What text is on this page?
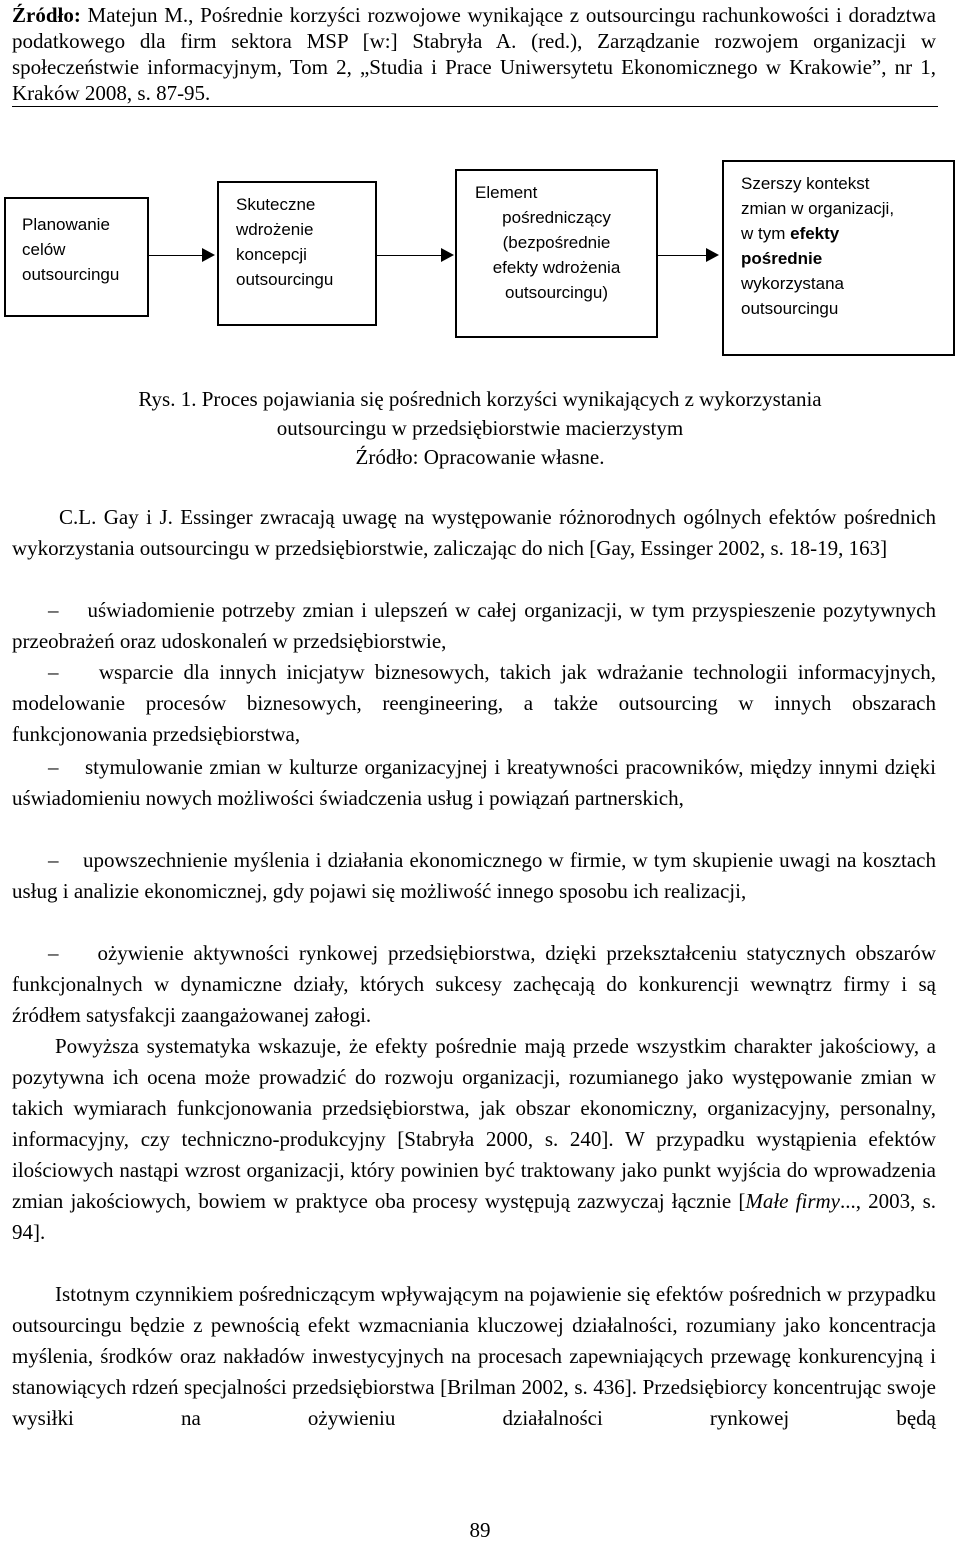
Źródło: Matejun M., Pośrednie korzyści rozwojowe wynikające z outsourcingu rachunkowości i doradztwa podatkowego dla firm sektora MSP [w:] Stabryła A. (red.), Zarządzanie rozwojem organizacji w społeczeństwie informacyjnym, Tom 2, „Studia i Prace Uniwersytetu Ekonomicznego w Krakowie”, nr 1, Kraków 2008, s. 87-95.
Planowanie
celów
outsourcingu
Skuteczne
wdrożenie
koncepcji
outsourcingu
Element
pośredniczący
(bezpośrednie
efekty wdrożenia
outsourcingu)
Szerszy kontekst
zmian w organizacji,
w tym efekty
pośrednie
wykorzystana
outsourcingu
Rys. 1. Proces pojawiania się pośrednich korzyści wynikających z wykorzystania
outsourcingu w przedsiębiorstwie macierzystym
Źródło: Opracowanie własne.

C.L. Gay i J. Essinger zwracają uwagę na występowanie różnorodnych ogólnych efektów pośrednich wykorzystania outsourcingu w przedsiębiorstwie, zaliczając do nich [Gay, Essinger 2002, s. 18-19, 163]

–    uświadomienie potrzeby zmian i ulepszeń w całej organizacji, w tym przyspieszenie pozytywnych przeobrażeń oraz udoskonaleń w przedsiębiorstwie,

–    wsparcie dla innych inicjatyw biznesowych, takich jak wdrażanie technologii informacyjnych, modelowanie procesów biznesowych, reengineering, a także outsourcing w innych obszarach funkcjonowania przedsiębiorstwa,

–    stymulowanie zmian w kulturze organizacyjnej i kreatywności pracowników, między innymi dzięki uświadomieniu nowych możliwości świadczenia usług i powiązań partnerskich,

–    upowszechnienie myślenia i działania ekonomicznego w firmie, w tym skupienie uwagi na kosztach usług i analizie ekonomicznej, gdy pojawi się możliwość innego sposobu ich realizacji,

–    ożywienie aktywności rynkowej przedsiębiorstwa, dzięki przekształceniu statycznych obszarów funkcjonalnych w dynamiczne działy, których sukcesy zachęcają do konkurencji wewnątrz firmy i są źródłem satysfakcji zaangażowanej załogi.

Powyższa systematyka wskazuje, że efekty pośrednie mają przede wszystkim charakter jakościowy, a pozytywna ich ocena może prowadzić do rozwoju organizacji, rozumianego jako występowanie zmian w takich wymiarach funkcjonowania przedsiębiorstwa, jak obszar ekonomiczny, organizacyjny, personalny, informacyjny, czy techniczno-produkcyjny [Stabryła 2000, s. 240]. W przypadku wystąpienia efektów ilościowych nastąpi wzrost organizacji, który powinien być traktowany jako punkt wyjścia do wprowadzenia zmian jakościowych, bowiem w praktyce oba procesy występują zazwyczaj łącznie [Małe firmy..., 2003, s. 94].

Istotnym czynnikiem pośredniczącym wpływającym na pojawienie się efektów pośrednich w przypadku outsourcingu będzie z pewnością efekt wzmacniania kluczowej działalności, rozumiany jako koncentracja myślenia, środków oraz nakładów inwestycyjnych na procesach zapewniających przewagę konkurencyjną i stanowiących rdzeń specjalności przedsiębiorstwa [Brilman 2002, s. 436]. Przedsiębiorcy koncentrując swoje wysiłki na ożywieniu działalności rynkowej będą

89
